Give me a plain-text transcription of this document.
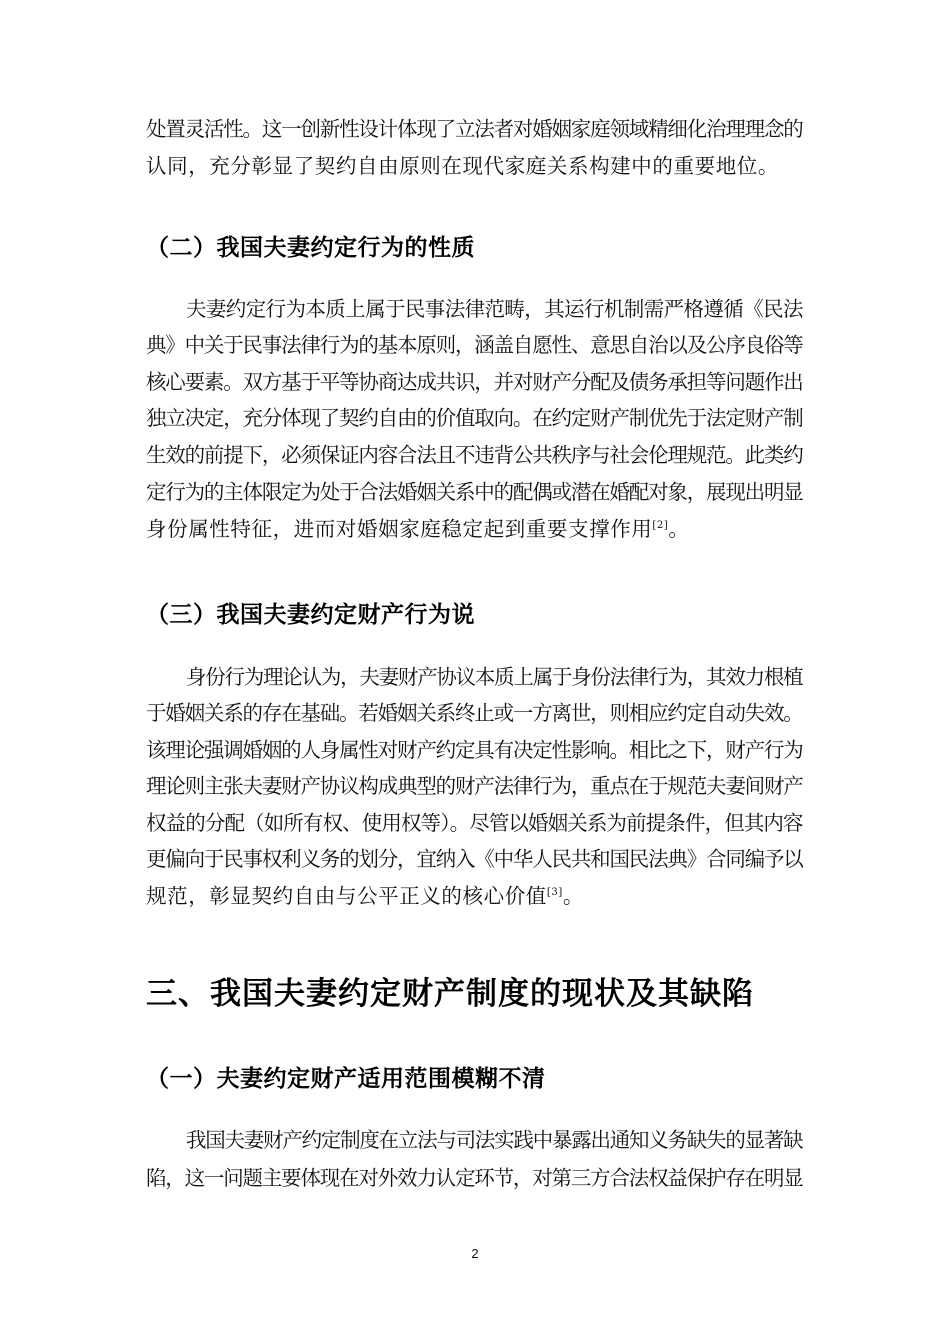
处置灵活性。这一创新性设计体现了立法者对婚姻家庭领域精细化治理理念的
认同，充分彰显了契约自由原则在现代家庭关系构建中的重要地位。
（二）我国夫妻约定行为的性质
夫妻约定行为本质上属于民事法律范畴，其运行机制需严格遵循《民法
典》中关于民事法律行为的基本原则，涵盖自愿性、意思自治以及公序良俗等
核心要素。双方基于平等协商达成共识，并对财产分配及债务承担等问题作出
独立决定，充分体现了契约自由的价值取向。在约定财产制优先于法定财产制
生效的前提下，必须保证内容合法且不违背公共秩序与社会伦理规范。此类约
定行为的主体限定为处于合法婚姻关系中的配偶或潜在婚配对象，展现出明显
身份属性特征，进而对婚姻家庭稳定起到重要支撑作用[2]。
（三）我国夫妻约定财产行为说
身份行为理论认为，夫妻财产协议本质上属于身份法律行为，其效力根植
于婚姻关系的存在基础。若婚姻关系终止或一方离世，则相应约定自动失效。
该理论强调婚姻的人身属性对财产约定具有决定性影响。相比之下，财产行为
理论则主张夫妻财产协议构成典型的财产法律行为，重点在于规范夫妻间财产
权益的分配（如所有权、使用权等）。尽管以婚姻关系为前提条件，但其内容
更偏向于民事权利义务的划分，宜纳入《中华人民共和国民法典》合同编予以
规范，彰显契约自由与公平正义的核心价值[3]。
三、我国夫妻约定财产制度的现状及其缺陷
（一）夫妻约定财产适用范围模糊不清
我国夫妻财产约定制度在立法与司法实践中暴露出通知义务缺失的显著缺
陷，这一问题主要体现在对外效力认定环节，对第三方合法权益保护存在明显
2
